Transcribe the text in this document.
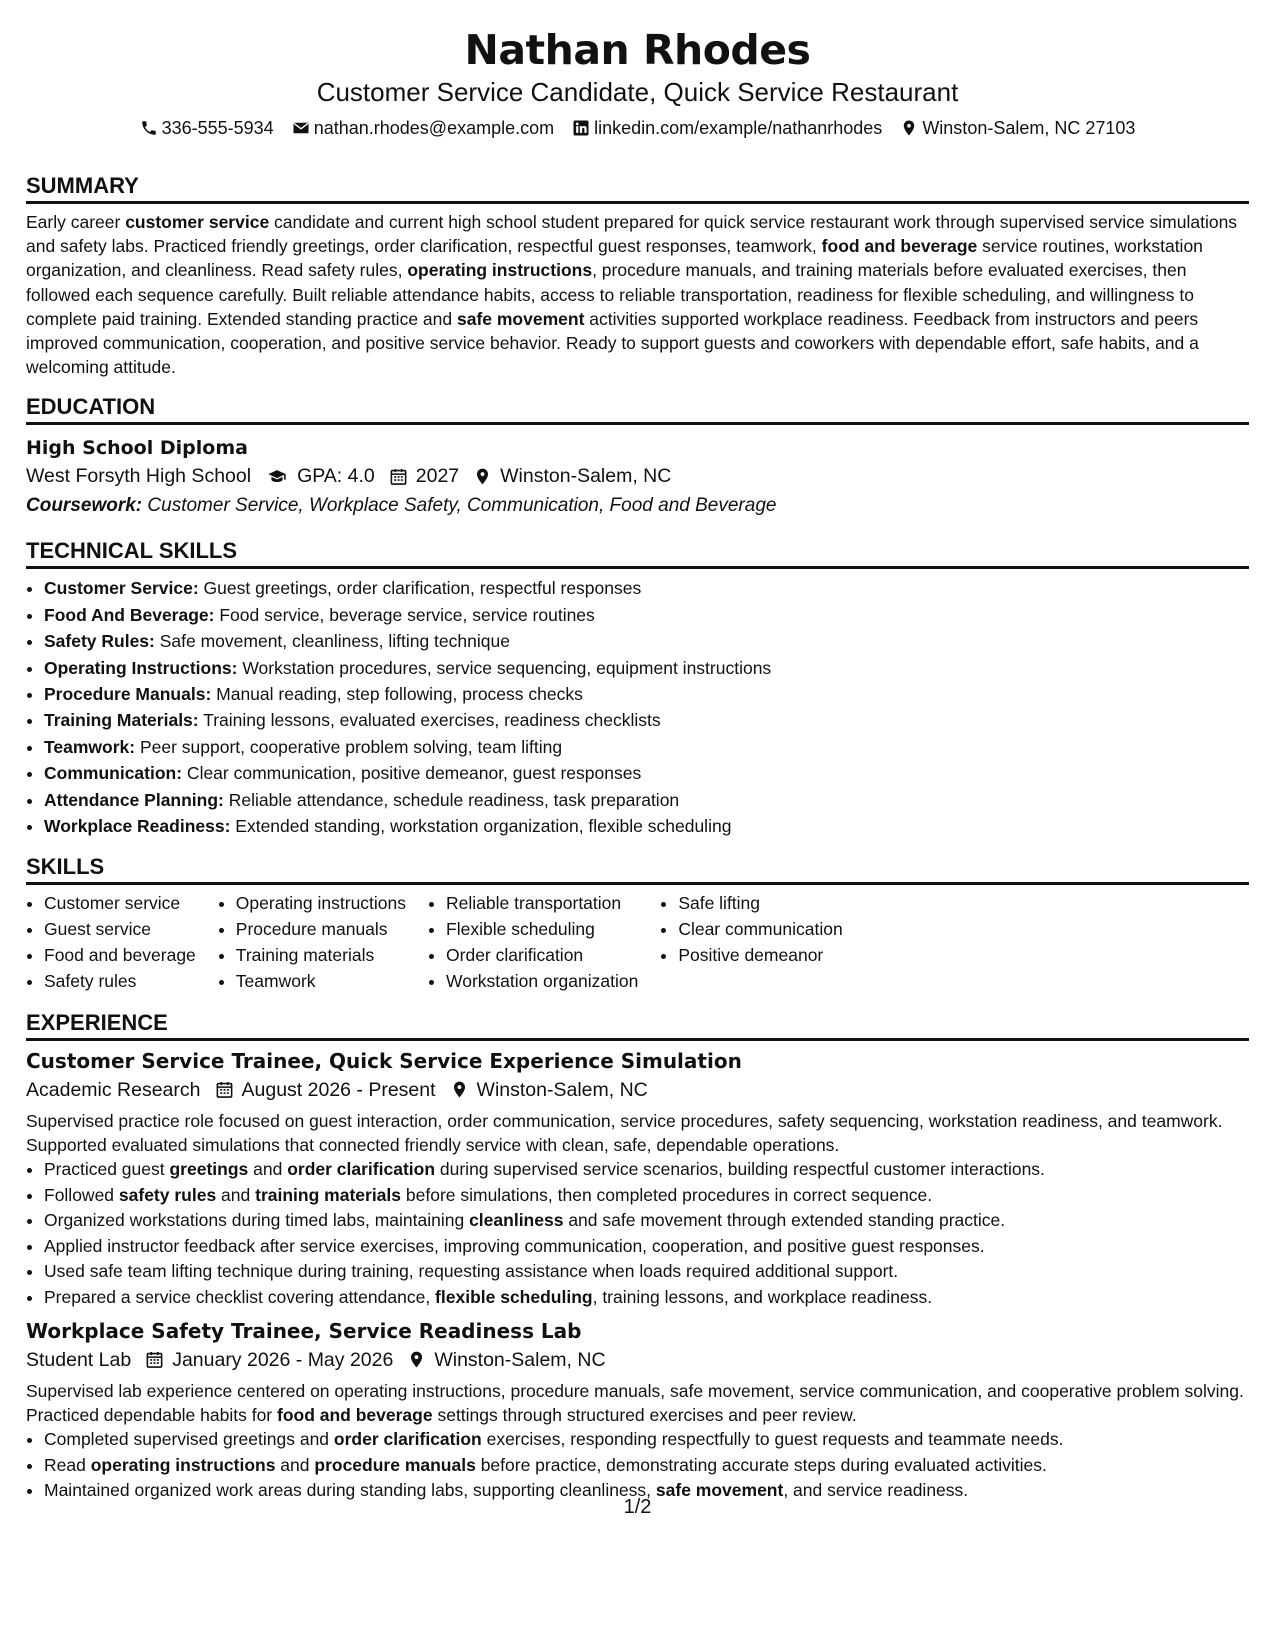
Nathan Rhodes
Customer Service Candidate, Quick Service Restaurant
336-555-5934 nathan.rhodes@example.com linkedin.com/example/nathanrhodes Winston-Salem, NC 27103
SUMMARY
Early career customer service candidate and current high school student prepared for quick service restaurant work through supervised service simulations and safety labs. Practiced friendly greetings, order clarification, respectful guest responses, teamwork, food and beverage service routines, workstation organization, and cleanliness. Read safety rules, operating instructions, procedure manuals, and training materials before evaluated exercises, then followed each sequence carefully. Built reliable attendance habits, access to reliable transportation, readiness for flexible scheduling, and willingness to complete paid training. Extended standing practice and safe movement activities supported workplace readiness. Feedback from instructors and peers improved communication, cooperation, and positive service behavior. Ready to support guests and coworkers with dependable effort, safe habits, and a welcoming attitude.
EDUCATION
High School Diploma
West Forsyth High School GPA: 4.0 2027 Winston-Salem, NC
Coursework: Customer Service, Workplace Safety, Communication, Food and Beverage
TECHNICAL SKILLS
• Customer Service: Guest greetings, order clarification, respectful responses
• Food And Beverage: Food service, beverage service, service routines
• Safety Rules: Safe movement, cleanliness, lifting technique
• Operating Instructions: Workstation procedures, service sequencing, equipment instructions
• Procedure Manuals: Manual reading, step following, process checks
• Training Materials: Training lessons, evaluated exercises, readiness checklists
• Teamwork: Peer support, cooperative problem solving, team lifting
• Communication: Clear communication, positive demeanor, guest responses
• Attendance Planning: Reliable attendance, schedule readiness, task preparation
• Workplace Readiness: Extended standing, workstation organization, flexible scheduling
SKILLS
• Customer service
• Guest service
• Food and beverage
• Safety rules
• Operating instructions
• Procedure manuals
• Training materials
• Teamwork
• Reliable transportation
• Flexible scheduling
• Order clarification
• Workstation organization
• Safe lifting
• Clear communication
• Positive demeanor
EXPERIENCE
Customer Service Trainee, Quick Service Experience Simulation
Academic Research August 2026 - Present Winston-Salem, NC
Supervised practice role focused on guest interaction, order communication, service procedures, safety sequencing, workstation readiness, and teamwork. Supported evaluated simulations that connected friendly service with clean, safe, dependable operations.
• Practiced guest greetings and order clarification during supervised service scenarios, building respectful customer interactions.
• Followed safety rules and training materials before simulations, then completed procedures in correct sequence.
• Organized workstations during timed labs, maintaining cleanliness and safe movement through extended standing practice.
• Applied instructor feedback after service exercises, improving communication, cooperation, and positive guest responses.
• Used safe team lifting technique during training, requesting assistance when loads required additional support.
• Prepared a service checklist covering attendance, flexible scheduling, training lessons, and workplace readiness.
Workplace Safety Trainee, Service Readiness Lab
Student Lab January 2026 - May 2026 Winston-Salem, NC
Supervised lab experience centered on operating instructions, procedure manuals, safe movement, service communication, and cooperative problem solving. Practiced dependable habits for food and beverage settings through structured exercises and peer review.
• Completed supervised greetings and order clarification exercises, responding respectfully to guest requests and teammate needs.
• Read operating instructions and procedure manuals before practice, demonstrating accurate steps during evaluated activities.
• Maintained organized work areas during standing labs, supporting cleanliness, safe movement, and service readiness.
1/2
